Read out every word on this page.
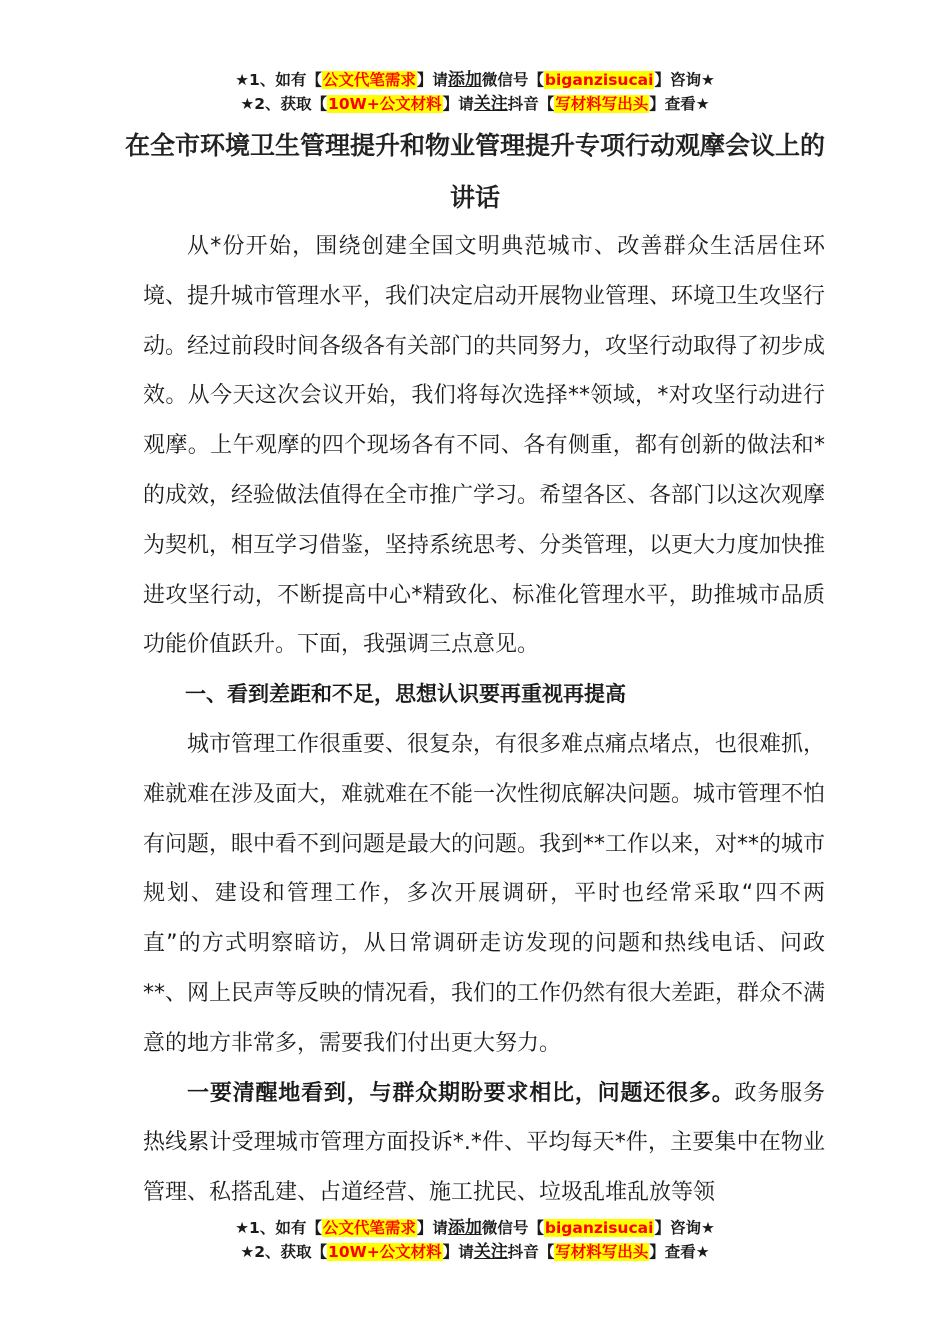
★1、如有【公文代笔需求】请添加微信号【biganzisucai】咨询★
★2、获取【10W+公文材料】请关注抖音【写材料写出头】查看★
在全市环境卫生管理提升和物业管理提升专项行动观摩会议上的讲话

从*份开始，围绕创建全国文明典范城市、改善群众生活居住环境、提升城市管理水平，我们决定启动开展物业管理、环境卫生攻坚行动。经过前段时间各级各有关部门的共同努力，攻坚行动取得了初步成效。从今天这次会议开始，我们将每次选择**领域，*对攻坚行动进行观摩。上午观摩的四个现场各有不同、各有侧重，都有创新的做法和*的成效，经验做法值得在全市推广学习。希望各区、各部门以这次观摩为契机，相互学习借鉴，坚持系统思考、分类管理，以更大力度加快推进攻坚行动，不断提高中心*精致化、标准化管理水平，助推城市品质功能价值跃升。下面，我强调三点意见。

一、看到差距和不足，思想认识要再重视再提高

城市管理工作很重要、很复杂，有很多难点痛点堵点，也很难抓，难就难在涉及面大，难就难在不能一次性彻底解决问题。城市管理不怕有问题，眼中看不到问题是最大的问题。我到**工作以来，对**的城市规划、建设和管理工作，多次开展调研，平时也经常采取“四不两直”的方式明察暗访，从日常调研走访发现的问题和热线电话、问政**、网上民声等反映的情况看，我们的工作仍然有很大差距，群众不满意的地方非常多，需要我们付出更大努力。

一要清醒地看到，与群众期盼要求相比，问题还很多。政务服务热线累计受理城市管理方面投诉*.*件、平均每天*件，主要集中在物业管理、私搭乱建、占道经营、施工扰民、垃圾乱堆乱放等领

★1、如有【公文代笔需求】请添加微信号【biganzisucai】咨询★
★2、获取【10W+公文材料】请关注抖音【写材料写出头】查看★
